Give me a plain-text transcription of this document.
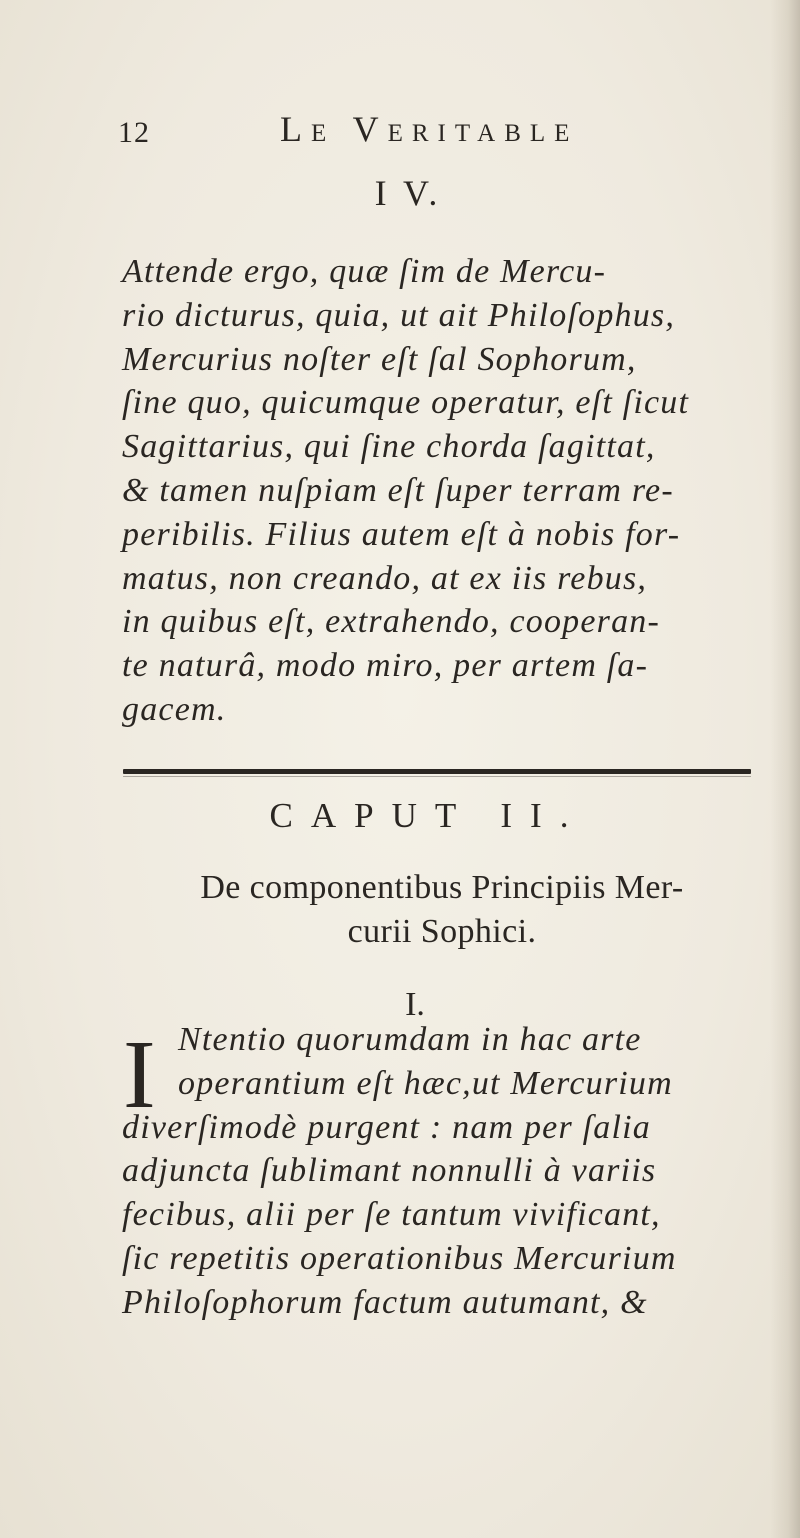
12	Le Veritable
I V.
Attende ergo, quæ ſim de Mercu-
rio dicturus, quia, ut ait Philoſophus,
Mercurius noſter eſt ſal Sophorum,
ſine quo, quicumque operatur, eſt ſicut
Sagittarius, qui ſine chorda ſagittat,
& tamen nuſpiam eſt ſuper terram re-
peribilis. Filius autem eſt à nobis for-
matus, non creando, at ex iis rebus,
in quibus eſt, extrahendo, cooperan-
te naturâ, modo miro, per artem ſa-
gacem.
CAPUT II.
De componentibus Principiis Mer-
curii Sophici.
I.
I Ntentio quorumdam in hac arte
operantium eſt hæc,ut Mercurium
diverſimodè purgent : nam per ſalia
adjuncta ſublimant nonnulli à variis
fecibus, alii per ſe tantum vivificant,
ſic repetitis operationibus Mercurium
Philoſophorum factum autumant, &
